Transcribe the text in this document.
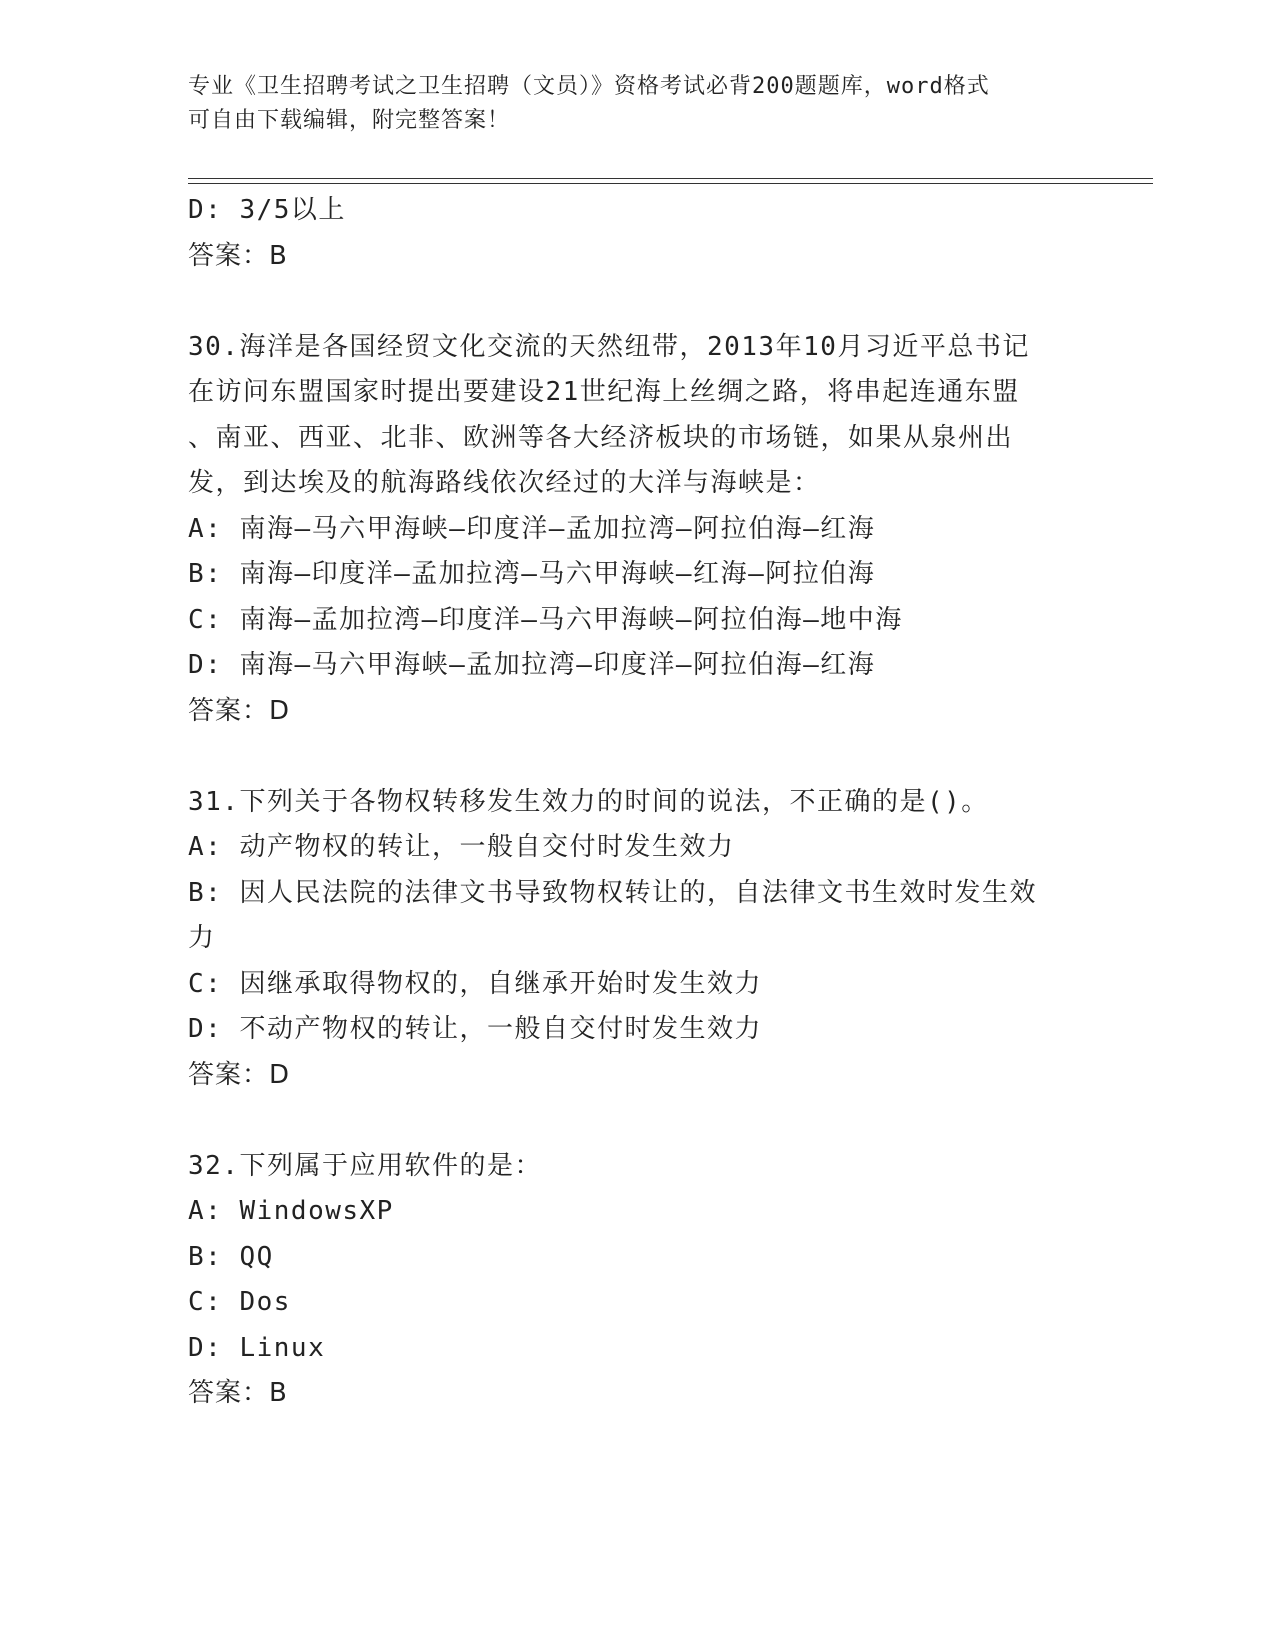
专业《卫生招聘考试之卫生招聘（文员）》资格考试必背200题题库，word格式
可自由下载编辑，附完整答案！
D: 3/5以上
答案：B
30.海洋是各国经贸文化交流的天然纽带，2013年10月习近平总书记
在访问东盟国家时提出要建设21世纪海上丝绸之路，将串起连通东盟
、南亚、西亚、北非、欧洲等各大经济板块的市场链，如果从泉州出
发，到达埃及的航海路线依次经过的大洋与海峡是：
A: 南海—马六甲海峡—印度洋—孟加拉湾—阿拉伯海—红海
B: 南海—印度洋—孟加拉湾—马六甲海峡—红海—阿拉伯海
C: 南海—孟加拉湾—印度洋—马六甲海峡—阿拉伯海—地中海
D: 南海—马六甲海峡—孟加拉湾—印度洋—阿拉伯海—红海
答案：D
31.下列关于各物权转移发生效力的时间的说法，不正确的是()。
A: 动产物权的转让，一般自交付时发生效力
B: 因人民法院的法律文书导致物权转让的，自法律文书生效时发生效
力
C: 因继承取得物权的，自继承开始时发生效力
D: 不动产物权的转让，一般自交付时发生效力
答案：D
32.下列属于应用软件的是：
A: WindowsXP
B: QQ
C: Dos
D: Linux
答案：B
